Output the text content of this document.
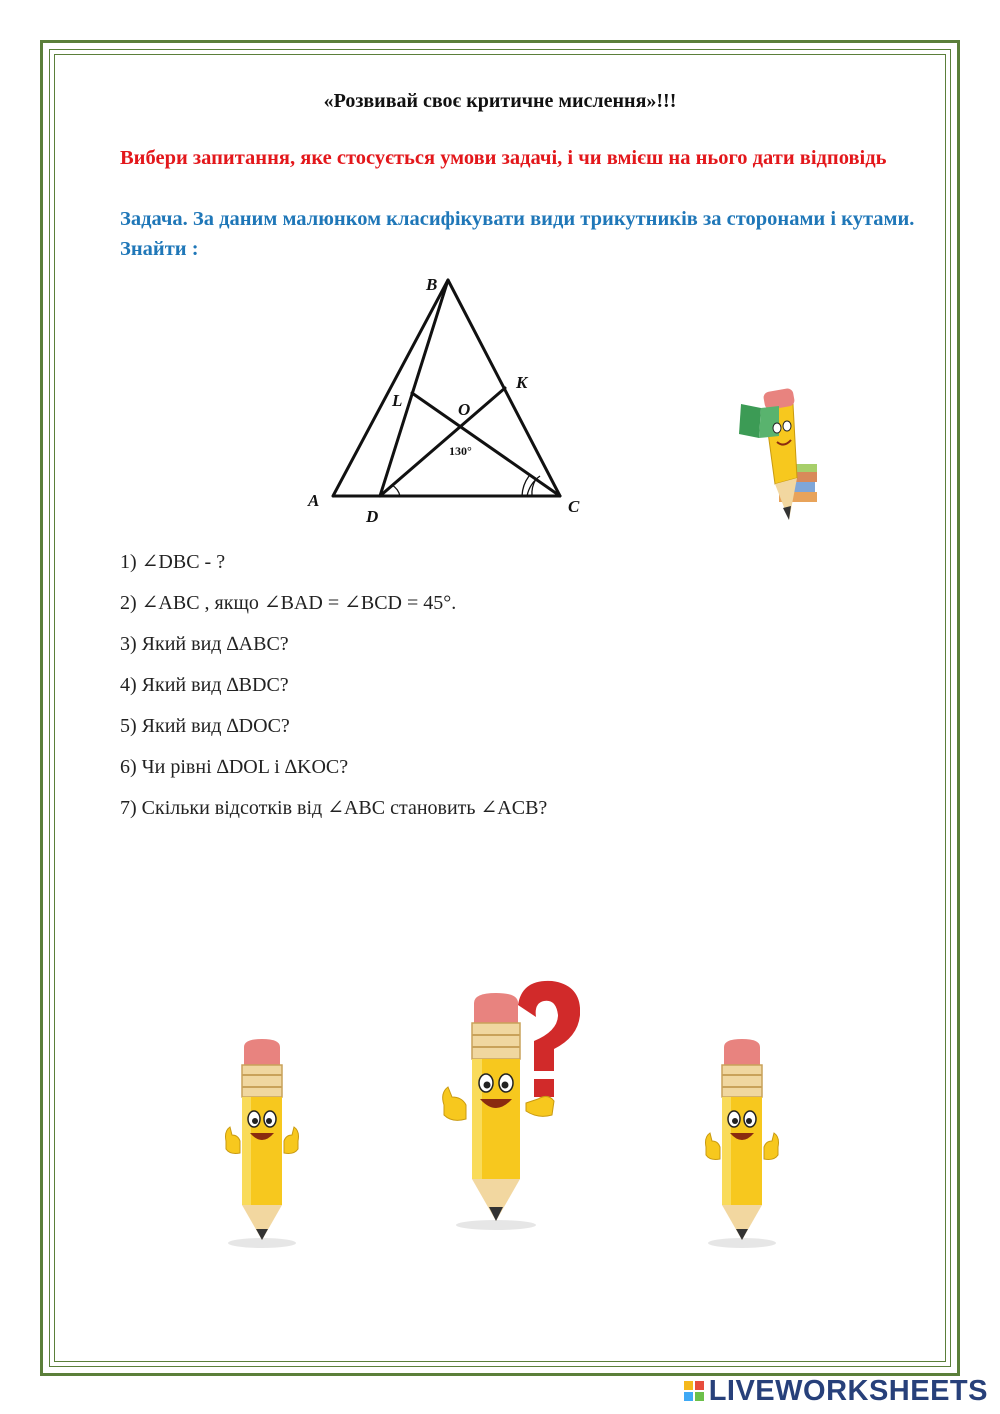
«Розвивай своє критичне мислення»!!!
Вибери запитання, яке стосується умови задачі, і чи вмієш на нього дати відповідь
Задача. За даним малюнком класифікувати види трикутників за сторонами і кутами. Знайти :
B
K
L	O
130°
A
D
C
1) ∠DBC - ?
2) ∠ABC , якщо ∠BAD = ∠BCD = 45°.
3) Який вид ∆ABC?
4) Який вид ∆BDC?
5) Який вид ∆DOC?
6) Чи рівні ∆DOL і ∆KOC?
7) Скільки відсотків від ∠ABC становить ∠ACB?
LIVEWORKSHEETS
